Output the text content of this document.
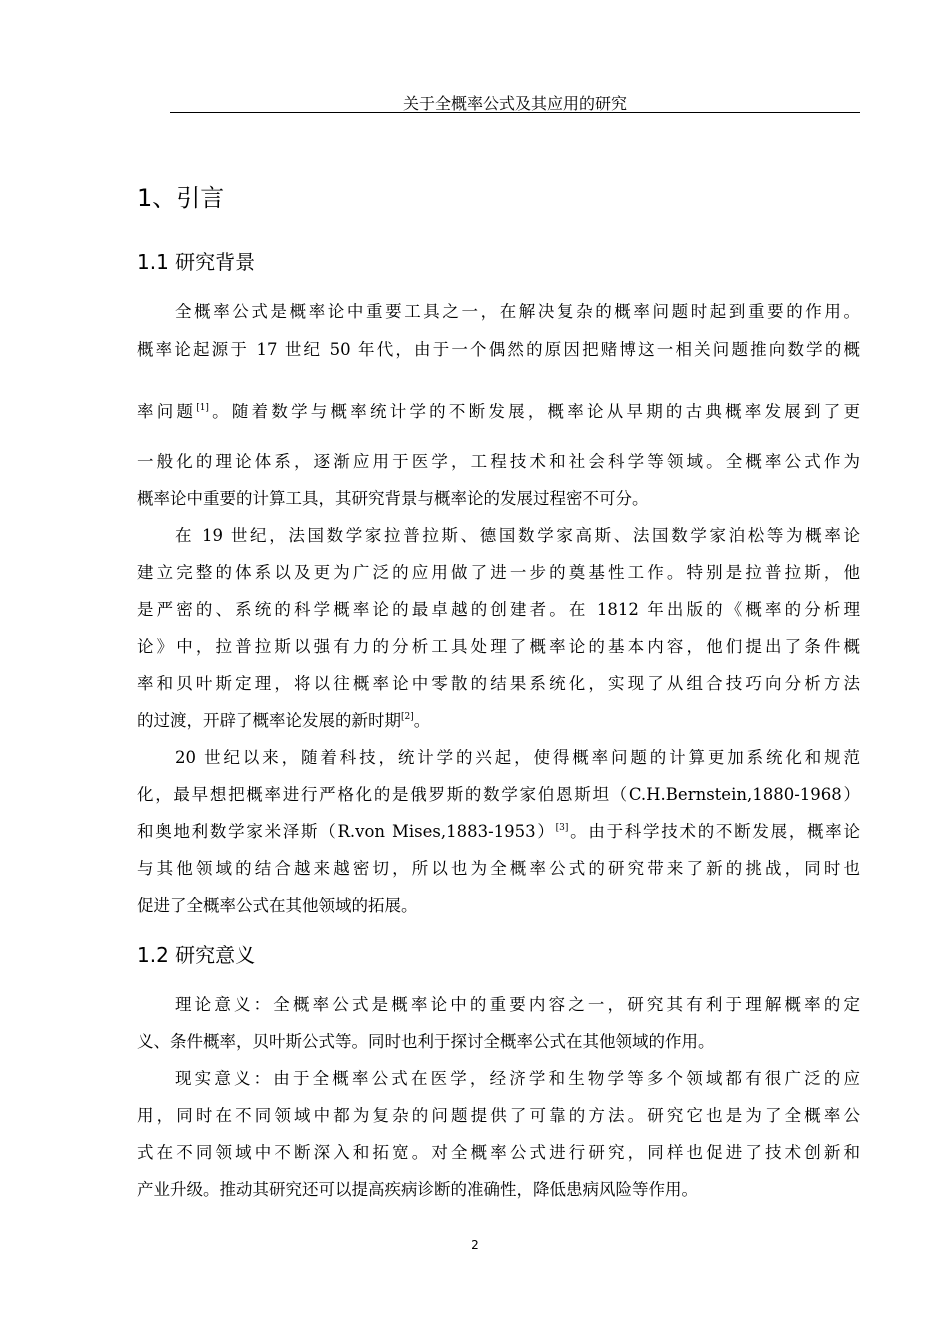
关于全概率公式及其应用的研究
1、引言
1.1 研究背景
全概率公式是概率论中重要工具之一，在解决复杂的概率问题时起到重要的作用。
概率论起源于 17 世纪 50 年代，由于一个偶然的原因把赌博这一相关问题推向数学的概
率问题[1]。随着数学与概率统计学的不断发展，概率论从早期的古典概率发展到了更
一般化的理论体系，逐渐应用于医学，工程技术和社会科学等领域。全概率公式作为
概率论中重要的计算工具，其研究背景与概率论的发展过程密不可分。
在 19 世纪，法国数学家拉普拉斯、德国数学家高斯、法国数学家泊松等为概率论
建立完整的体系以及更为广泛的应用做了进一步的奠基性工作。特别是拉普拉斯，他
是严密的、系统的科学概率论的最卓越的创建者。在 1812 年出版的《概率的分析理
论》中，拉普拉斯以强有力的分析工具处理了概率论的基本内容，他们提出了条件概
率和贝叶斯定理，将以往概率论中零散的结果系统化，实现了从组合技巧向分析方法
的过渡，开辟了概率论发展的新时期[2]。
20 世纪以来，随着科技，统计学的兴起，使得概率问题的计算更加系统化和规范
化，最早想把概率进行严格化的是俄罗斯的数学家伯恩斯坦（C.H.Bernstein,1880-1968）
和奥地利数学家米泽斯（R.von Mises,1883-1953）[3]。由于科学技术的不断发展，概率论
与其他领域的结合越来越密切，所以也为全概率公式的研究带来了新的挑战，同时也
促进了全概率公式在其他领域的拓展。
1.2 研究意义
理论意义：全概率公式是概率论中的重要内容之一，研究其有利于理解概率的定
义、条件概率，贝叶斯公式等。同时也利于探讨全概率公式在其他领域的作用。
现实意义：由于全概率公式在医学，经济学和生物学等多个领域都有很广泛的应
用，同时在不同领域中都为复杂的问题提供了可靠的方法。研究它也是为了全概率公
式在不同领域中不断深入和拓宽。对全概率公式进行研究，同样也促进了技术创新和
产业升级。推动其研究还可以提高疾病诊断的准确性，降低患病风险等作用。
2
